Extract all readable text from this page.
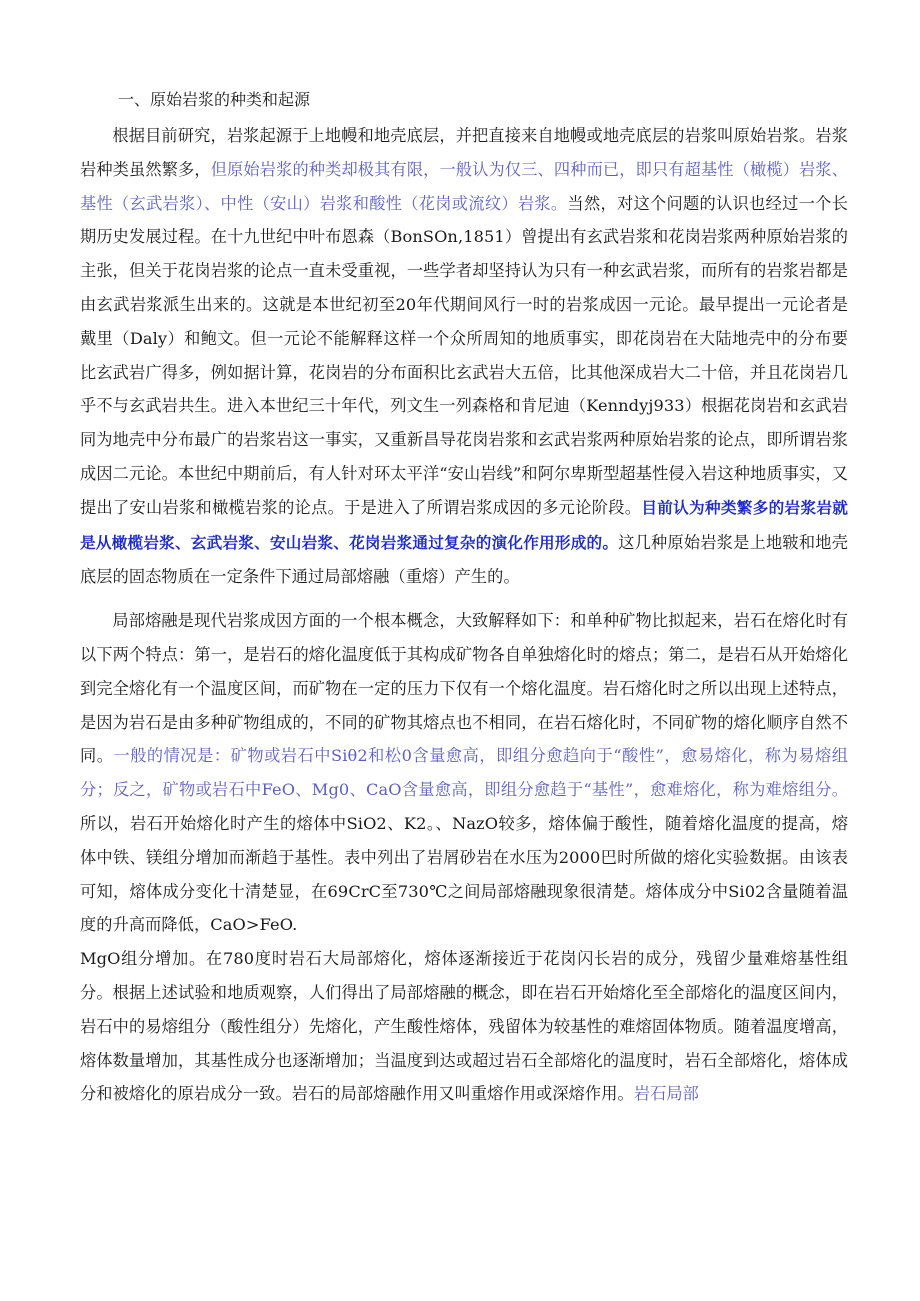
一、原始岩浆的种类和起源

根据目前研究，岩浆起源于上地幔和地壳底层，并把直接来自地幔或地壳底层的岩浆叫原始岩浆。岩浆岩种类虽然繁多，但原始岩浆的种类却极其有限，一般认为仅三、四种而已，即只有超基性（橄榄）岩浆、基性（玄武岩浆）、中性（安山）岩浆和酸性（花岗或流纹）岩浆。当然，对这个问题的认识也经过一个长期历史发展过程。在十九世纪中叶布恩森（BonSOn,1851）曾提出有玄武岩浆和花岗岩浆两种原始岩浆的主张，但关于花岗岩浆的论点一直未受重视，一些学者却坚持认为只有一种玄武岩浆，而所有的岩浆岩都是由玄武岩浆派生出来的。这就是本世纪初至20年代期间风行一时的岩浆成因一元论。最早提出一元论者是戴里（Daly）和鲍文。但一元论不能解释这样一个众所周知的地质事实，即花岗岩在大陆地壳中的分布要比玄武岩广得多，例如据计算，花岗岩的分布面积比玄武岩大五倍，比其他深成岩大二十倍，并且花岗岩几乎不与玄武岩共生。进入本世纪三十年代，列文生一列森格和肯尼迪（Kenndyj933）根据花岗岩和玄武岩同为地壳中分布最广的岩浆岩这一事实，又重新昌导花岗岩浆和玄武岩浆两种原始岩浆的论点，即所谓岩浆成因二元论。本世纪中期前后，有人针对环太平洋“安山岩线”和阿尔卑斯型超基性侵入岩这种地质事实，又提出了安山岩浆和橄榄岩浆的论点。于是进入了所谓岩浆成因的多元论阶段。目前认为种类繁多的岩浆岩就是从橄榄岩浆、玄武岩浆、安山岩浆、花岗岩浆通过复杂的演化作用形成的。这几种原始岩浆是上地皲和地壳底层的固态物质在一定条件下通过局部熔融（重熔）产生的。

局部熔融是现代岩浆成因方面的一个根本概念，大致解释如下：和单种矿物比拟起来，岩石在熔化时有以下两个特点：第一，是岩石的熔化温度低于其构成矿物各自单独熔化时的熔点；第二，是岩石从开始熔化到完全熔化有一个温度区间，而矿物在一定的压力下仅有一个熔化温度。岩石熔化时之所以出现上述特点，是因为岩石是由多种矿物组成的，不同的矿物其熔点也不相同，在岩石熔化时，不同矿物的熔化顺序自然不同。一般的情况是：矿物或岩石中Siθ2和松0含量愈高，即组分愈趋向于“酸性”，愈易熔化，称为易熔组分；反之，矿物或岩石中FeO、Mg0、CaO含量愈高，即组分愈趋于“基性”，愈难熔化，称为难熔组分。所以，岩石开始熔化时产生的熔体中SiO2、K2。、NazO较多，熔体偏于酸性，随着熔化温度的提高，熔体中铁、镁组分增加而渐趋于基性。表中列出了岩屑砂岩在水压为2000巴时所做的熔化实验数据。由该表可知，熔体成分变化十清楚显，在69CrC至730℃之间局部熔融现象很清楚。熔体成分中Si02含量随着温度的升高而降低，CaO>FeO.

MgO组分增加。在780度时岩石大局部熔化，熔体逐渐接近于花岗闪长岩的成分，残留少量难熔基性组分。根据上述试验和地质观察，人们得出了局部熔融的概念，即在岩石开始熔化至全部熔化的温度区间内，岩石中的易熔组分（酸性组分）先熔化，产生酸性熔体，残留体为较基性的难熔固体物质。随着温度增高，熔体数量增加，其基性成分也逐渐增加；当温度到达或超过岩石全部熔化的温度时，岩石全部熔化，熔体成分和被熔化的原岩成分一致。岩石的局部熔融作用又叫重熔作用或深熔作用。岩石局部
